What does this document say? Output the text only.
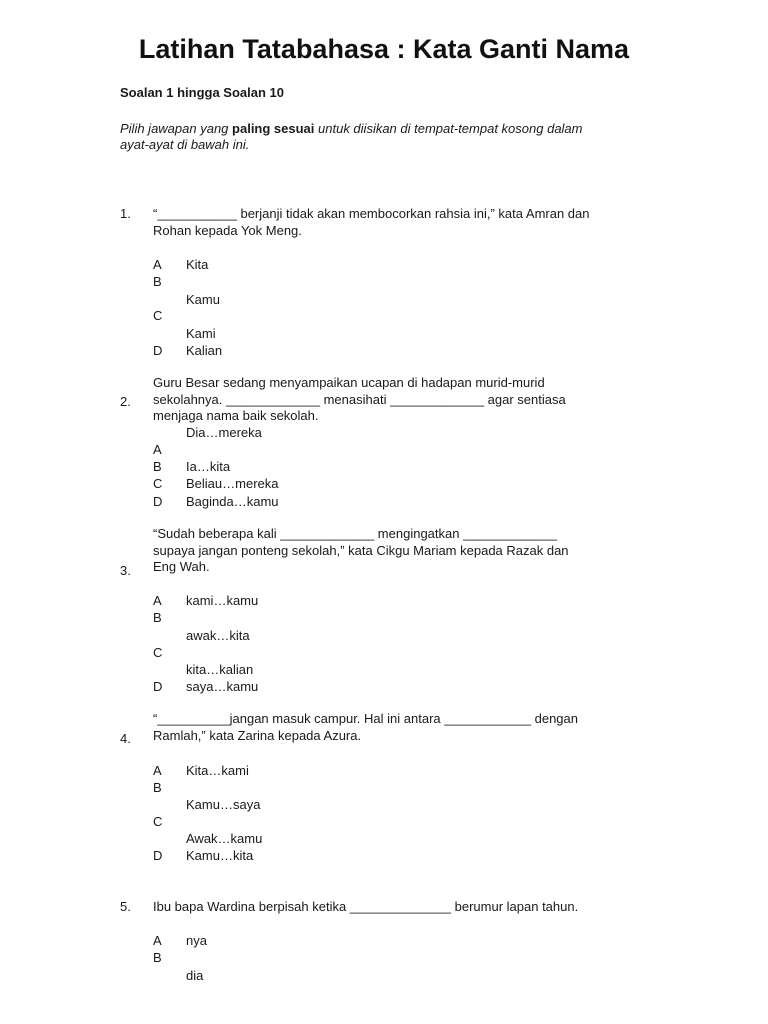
Latihan Tatabahasa : Kata Ganti Nama
Soalan 1 hingga Soalan 10
Pilih jawapan yang paling sesuai untuk diisikan di tempat-tempat kosong dalam
ayat-ayat di bawah ini.
1. “___________ berjanji tidak akan membocorkan rahsia ini,” kata Amran dan
Rohan kepada Yok Meng.
A
B
C
D
Kita
Kamu
Kami
Kalian
2.
Guru Besar sedang menyampaikan ucapan di hadapan murid-murid
sekolahnya. _____________ menasihati _____________ agar sentiasa
menjaga nama baik sekolah.
A
B
C
D
Dia…mereka
Ia…kita
Beliau…mereka
Baginda…kamu
3.
“Sudah beberapa kali _____________ mengingatkan _____________
supaya jangan ponteng sekolah,” kata Cikgu Mariam kepada Razak dan
Eng Wah.
A
B
C
D
kami…kamu
awak…kita
kita…kalian
saya…kamu
4.
“__________jangan masuk campur. Hal ini antara ____________ dengan
Ramlah,” kata Zarina kepada Azura.
A
B
C
D
Kita…kami
Kamu…saya
Awak…kamu
Kamu…kita
5. Ibu bapa Wardina berpisah ketika ______________ berumur lapan tahun.
A
B
nya
dia
